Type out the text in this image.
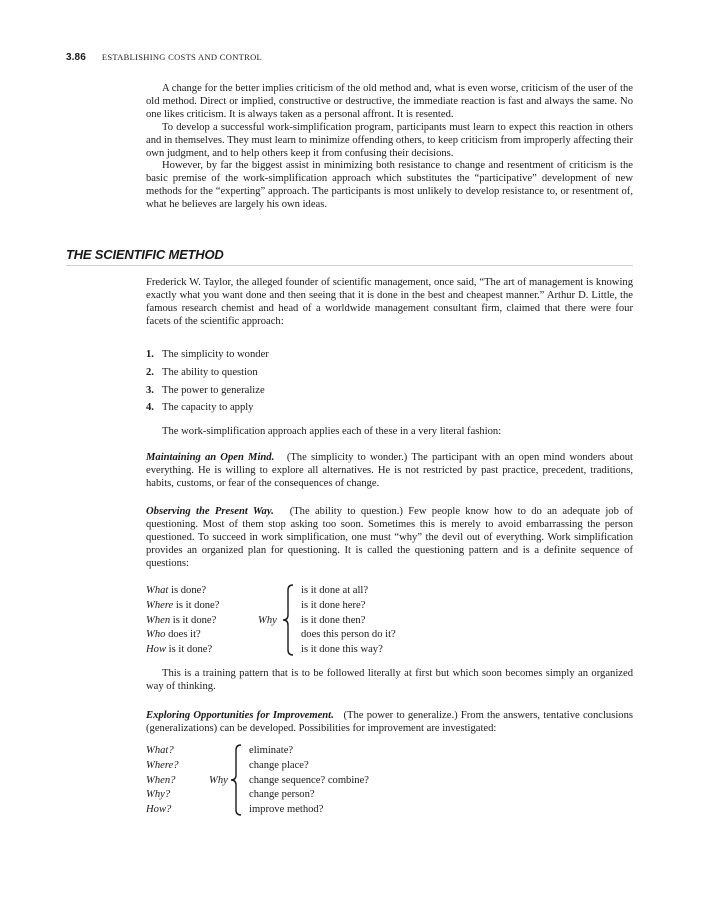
3.86 ESTABLISHING COSTS AND CONTROL

A change for the better implies criticism of the old method and, what is even worse, criticism of the user of the old method. Direct or implied, constructive or destructive, the immediate reaction is fast and always the same. No one likes criticism. It is always taken as a personal affront. It is resented.

To develop a successful work-simplification program, participants must learn to expect this reaction in others and in themselves. They must learn to minimize offending others, to keep criticism from improperly affecting their own judgment, and to help others keep it from confusing their decisions.

However, by far the biggest assist in minimizing both resistance to change and resentment of criticism is the basic premise of the work-simplification approach which substitutes the “participative” development of new methods for the “experting” approach. The participants is most unlikely to develop resistance to, or resentment of, what he believes are largely his own ideas.

THE SCIENTIFIC METHOD

Frederick W. Taylor, the alleged founder of scientific management, once said, “The art of management is knowing exactly what you want done and then seeing that it is done in the best and cheapest manner.” Arthur D. Little, the famous research chemist and head of a worldwide management consultant firm, claimed that there were four facets of the scientific approach:

1. The simplicity to wonder
2. The ability to question
3. The power to generalize
4. The capacity to apply

The work-simplification approach applies each of these in a very literal fashion:

Maintaining an Open Mind. (The simplicity to wonder.) The participant with an open mind wonders about everything. He is willing to explore all alternatives. He is not restricted by past practice, precedent, traditions, habits, customs, or fear of the consequences of change.

Observing the Present Way. (The ability to question.) Few people know how to do an adequate job of questioning. Most of them stop asking too soon. Sometimes this is merely to avoid embarrassing the person questioned. To succeed in work simplification, one must “why” the devil out of everything. Work simplification provides an organized plan for questioning. It is called the questioning pattern and is a definite sequence of questions:

What is done?
Where is it done?
When is it done?
Who does it?
How is it done?
Why
is it done at all?
is it done here?
is it done then?
does this person do it?
is it done this way?

This is a training pattern that is to be followed literally at first but which soon becomes simply an organized way of thinking.

Exploring Opportunities for Improvement. (The power to generalize.) From the answers, tentative conclusions (generalizations) can be developed. Possibilities for improvement are investigated:

What?
Where?
When?
Why?
How?
Why
eliminate?
change place?
change sequence? combine?
change person?
improve method?
